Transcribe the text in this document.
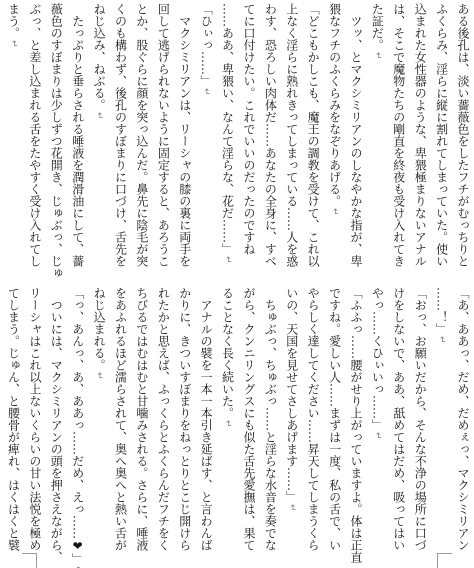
ある後孔は、淡い薔薇色をしたフチがむっちりと
ふくらみ、淫らに縦に割れてしまっていた。使い
込まれた女性器のような、卑猥極まりないアナル
は、そこで魔物たちの剛直を終夜も受け入れてき
た証だ。 ↵
　ツッ、とマクシミリアンのしなやかな指が、卑
猥なフチのふくらみをなぞりあげる。 ↵
「どこもかしこも、魔王の調教を受けて、これ以
上なく淫らに熟れきってしまっている……人を惑
わす、恐ろしい肉体だ……あなたの全身に、すべ
てに口付けたい。これでいいのだったのですね
……ああ、卑猥い、なんて淫らな、花だ……」 ↵
「ひぃっ……」 ↵
　マクシミリアンは、リーシャの膝の裏に両手を
回して逃げられないように固定すると、あろうこ
とか、股ぐらに顔を突っ込んだ。鼻先に陰毛が突
くのも構わず、後孔のすぼまりに口づけ、舌先を
ねじ込み、ねぶる。 ↵
　たっぷりと垂らされる唾液を潤滑油にして、薔
薇色のすぼまりは少しずつ花開き、じゅぶっ、じゅ
ぶっ、と差し込まれる舌をたやすく受け入れてし
まう。 ↵
「あ、ああっ、だめ、だめぇっ、マクシミリアン
……！」 ↵
「おっ、お願いだから、そんな不浄の場所に口づ
けをしないで、ああ、舐めてはだめ、吸ってはい
やっ……くひぃいっ……」 ↵
「ふふっ……腰がせり上がっていますよ。体は正直
ですね。愛しい人……まずは一度、私の舌で、い
やらしく達してください……昇天してしまうくら
いの、天国を見せてさしあげます……」 ↵
　ちゅぶっ、ちゅぶっ……と淫らな水音を奏でな
がら、クンニリングスにも似た舌先愛撫は、果て
ることなく長く続いた。 ↵
　アナルの襞を一本一本引き延ばす、と言わんば
かりに、きついすぼまりをねっとりとこじ開けら
れたかと思えば、ふっくらとふくらんだフチをく
ちびるではむはむと甘噛みされる。さらに、唾液
をあふれるほど濡らされて、奥へ奥へと熱い舌が
ねじ込まれる。 ↵
「っ、あんっ、あ、ああっ……だめ、えっ……❤」 ↵
　ついには、マクシミリアンの頭を押さえながら、
リーシャはこれ以上ないくらいの甘い法悦を極め
てしまう。じゅん、と腰骨が痺れ、はくはくと襞
